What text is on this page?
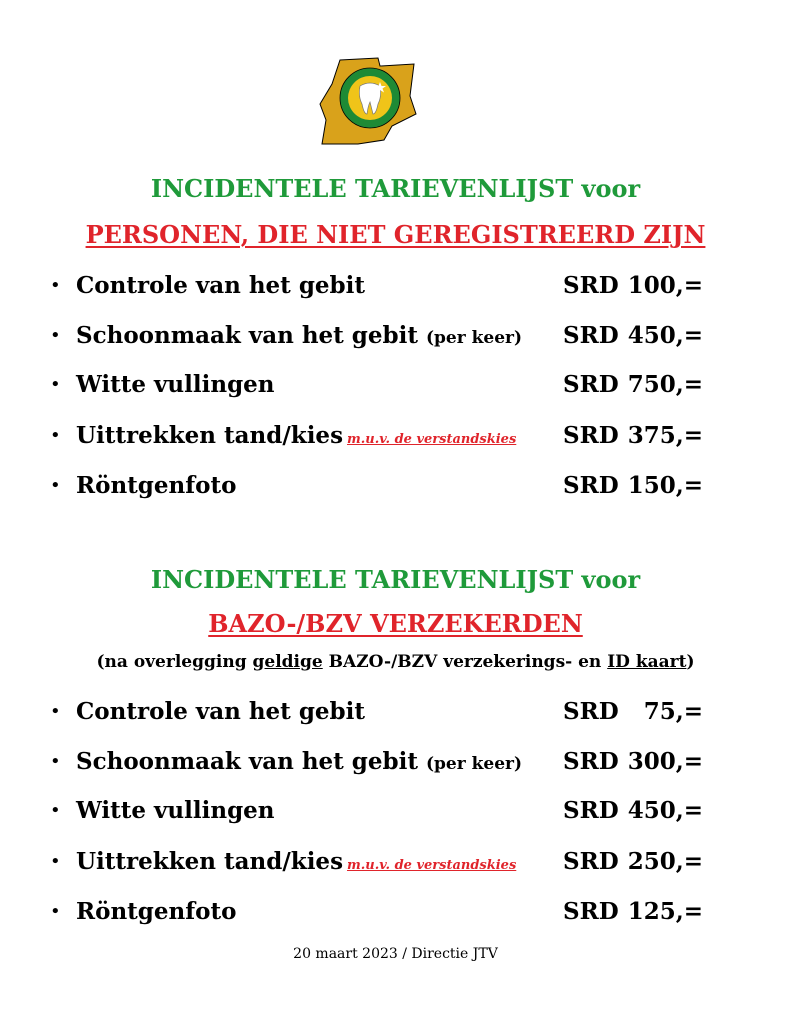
INCIDENTELE TARIEVENLIJST voor
PERSONEN, DIE NIET GEREGISTREERD ZIJN
• Controle van het gebit	SRD 100,=
• Schoonmaak van het gebit (per keer) SRD 450,=
• Witte vullingen	SRD 750,=
• Uittrekken tand/kies m.u.v. de verstandskies SRD 375,=
• Röntgenfoto	SRD 150,=
INCIDENTELE TARIEVENLIJST voor
BAZO-/BZV VERZEKERDEN
(na overlegging geldige BAZO-/BZV verzekerings- en ID kaart)
• Controle van het gebit	SRD 75,=
• Schoonmaak van het gebit (per keer) SRD 300,=
• Witte vullingen	SRD 450,=
• Uittrekken tand/kies m.u.v. de verstandskies SRD 250,=
• Röntgenfoto	SRD 125,=
20 maart 2023 / Directie JTV
